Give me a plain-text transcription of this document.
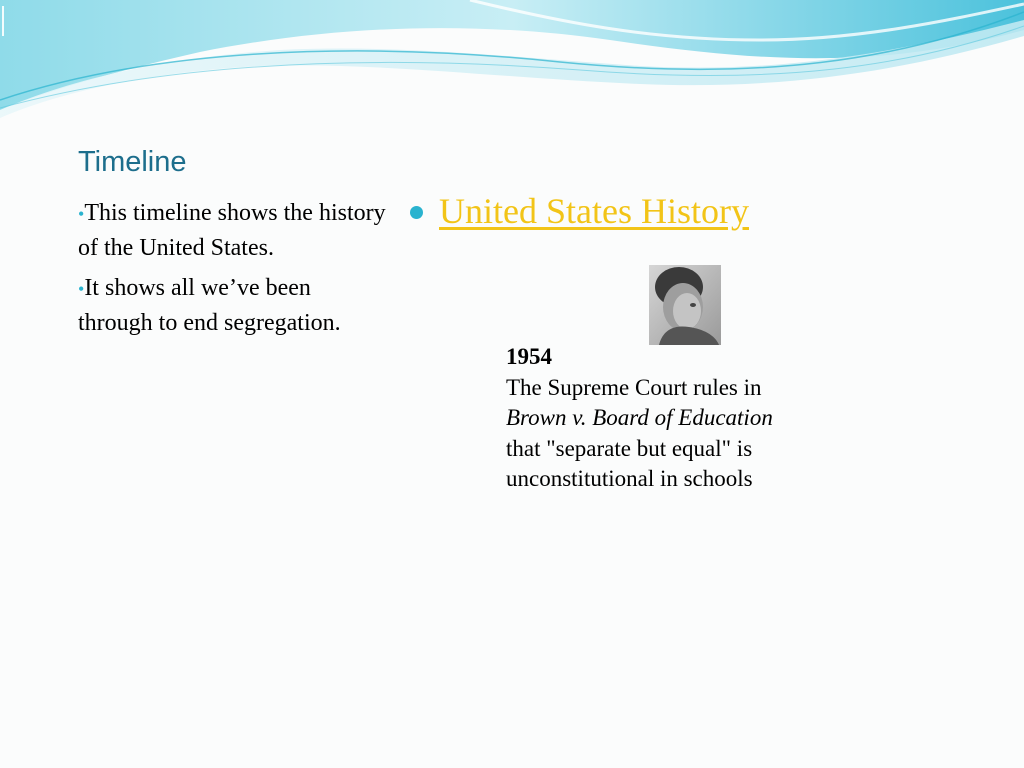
Timeline
•This timeline shows the history of the United States.
•It shows all we’ve been through to end segregation.
United States History
1954
The Supreme Court rules in Brown v. Board of Education that "separate but equal" is unconstitutional in schools
